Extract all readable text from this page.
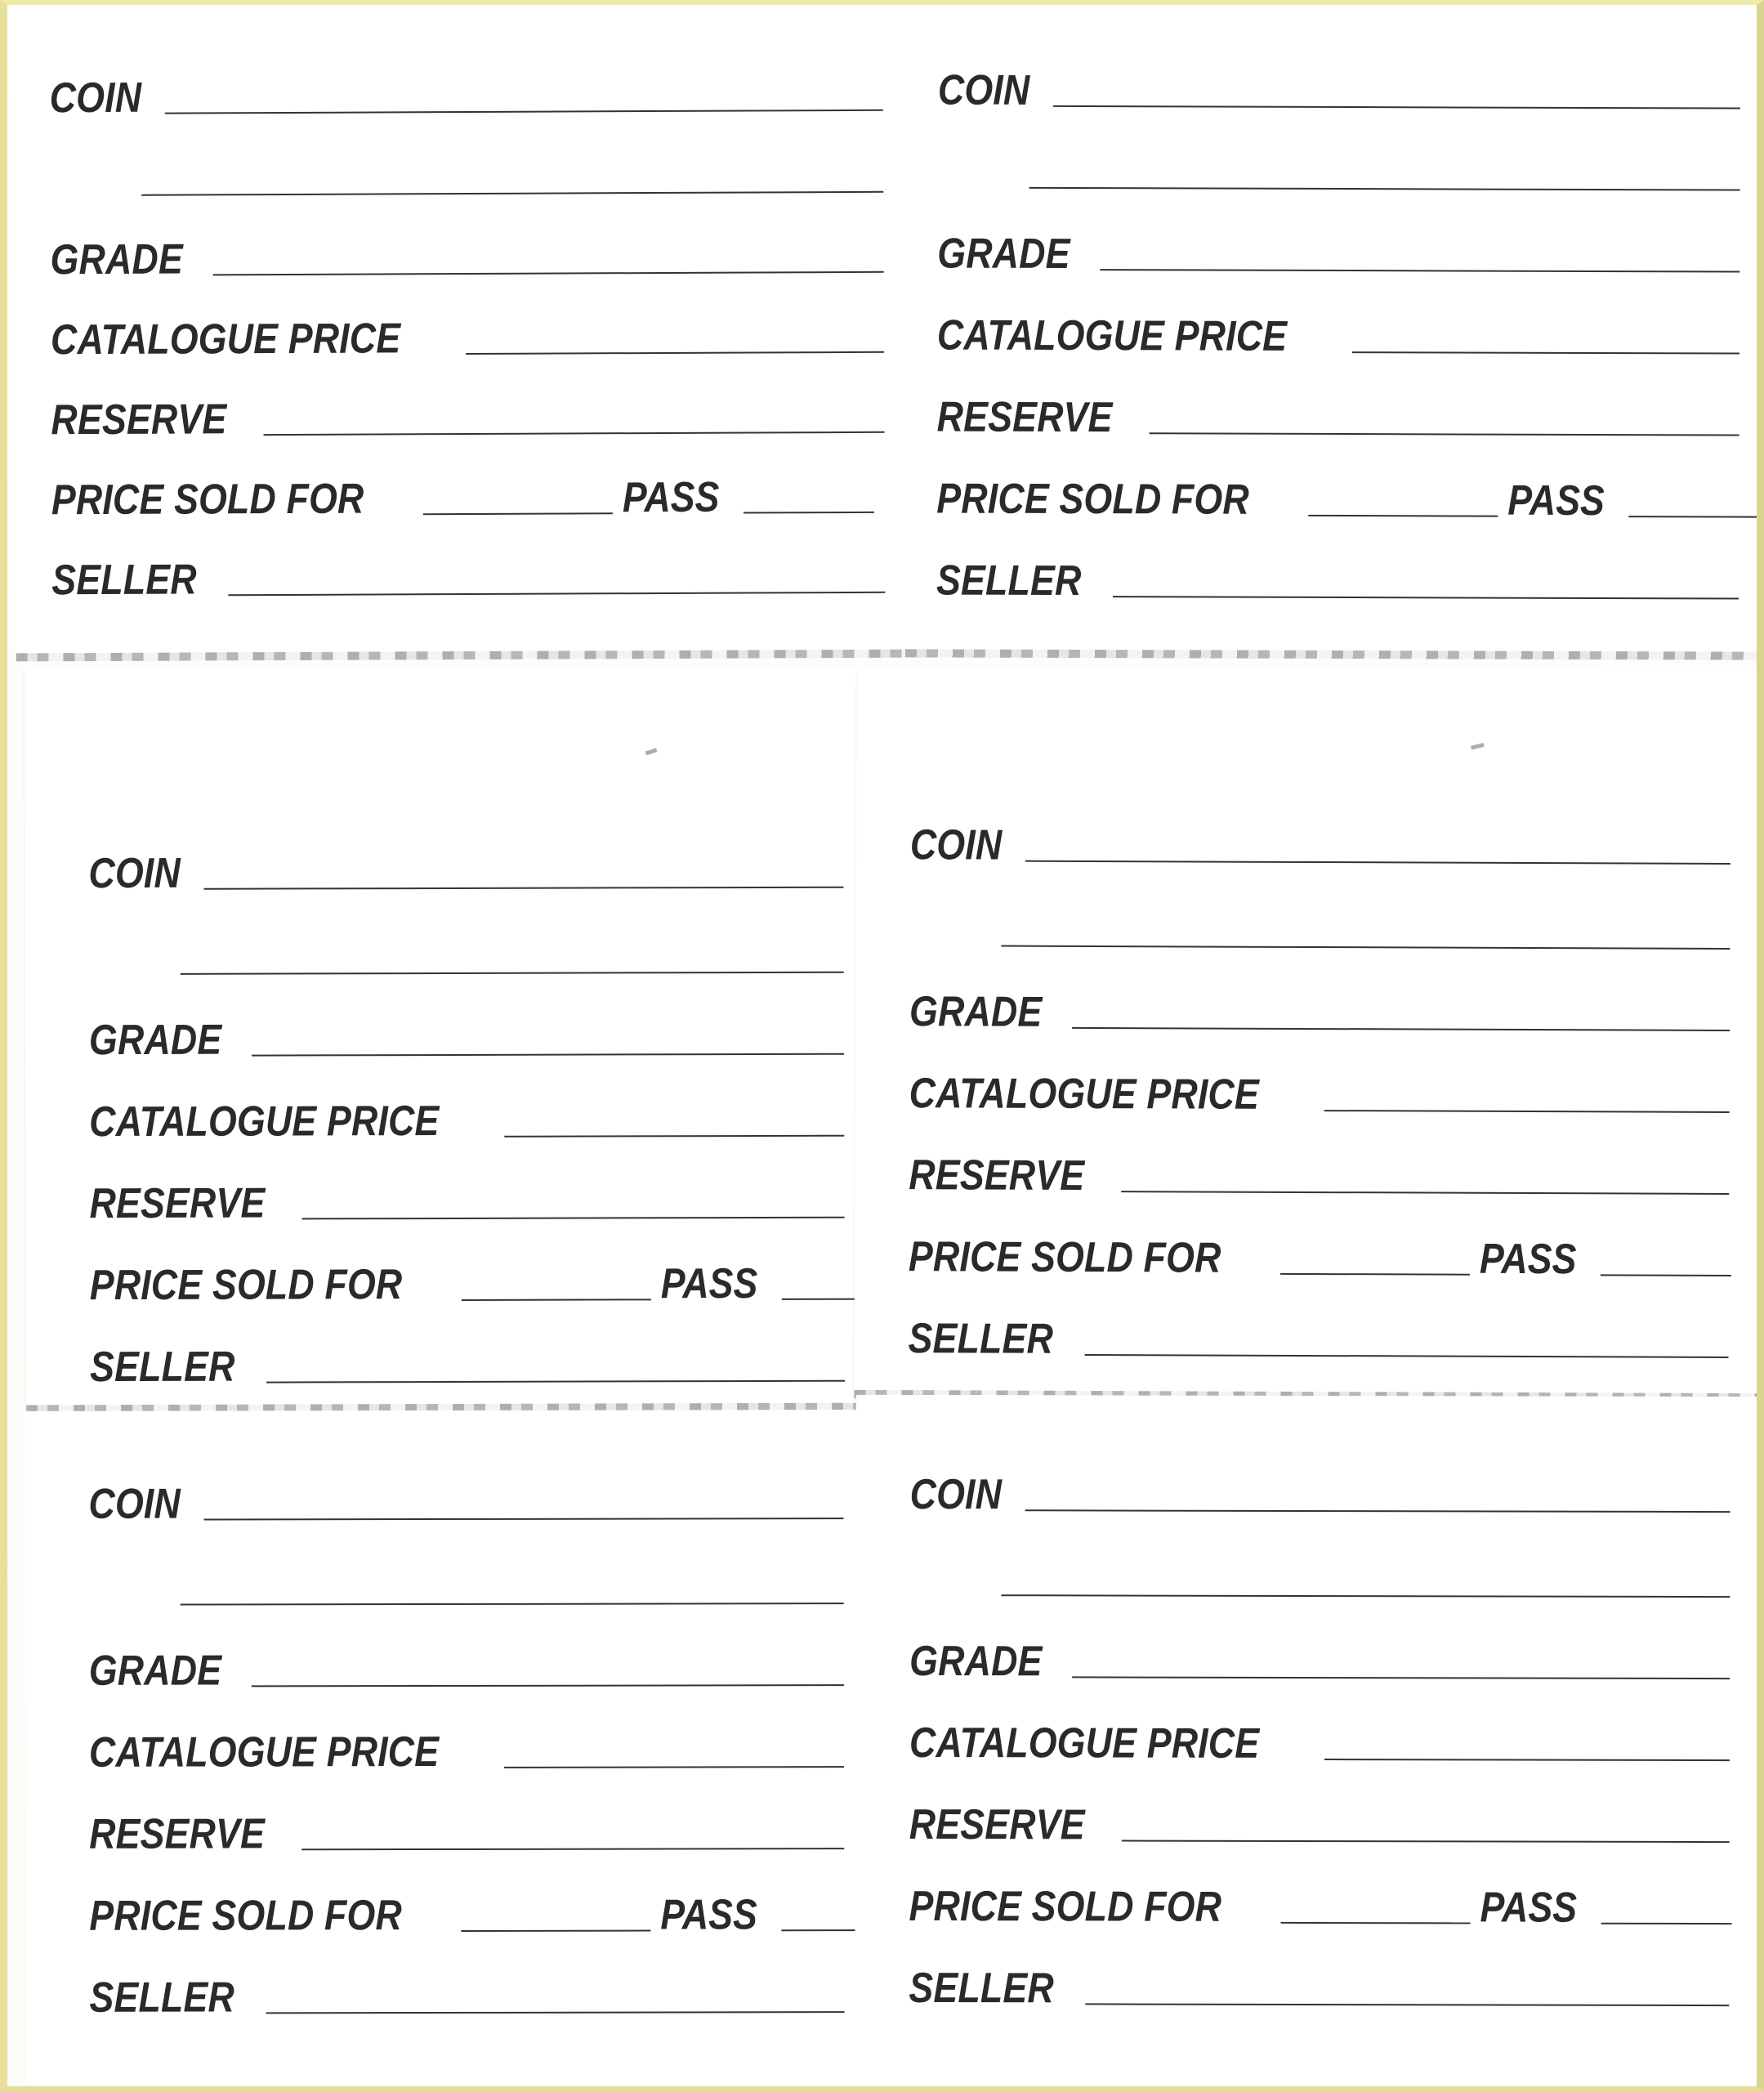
COIN
GRADE
CATALOGUE PRICE
RESERVE
PRICE SOLD FOR	PASS
SELLER
COIN
GRADE
CATALOGUE PRICE
RESERVE
PRICE SOLD FOR	PASS
SELLER
COIN
GRADE
CATALOGUE PRICE
RESERVE
PRICE SOLD FOR	PASS
SELLER
COIN
GRADE
CATALOGUE PRICE
RESERVE
PRICE SOLD FOR	PASS
SELLER
COIN
GRADE
CATALOGUE PRICE
RESERVE
PRICE SOLD FOR	PASS
SELLER
COIN
GRADE
CATALOGUE PRICE
RESERVE
PRICE SOLD FOR	PASS
SELLER
